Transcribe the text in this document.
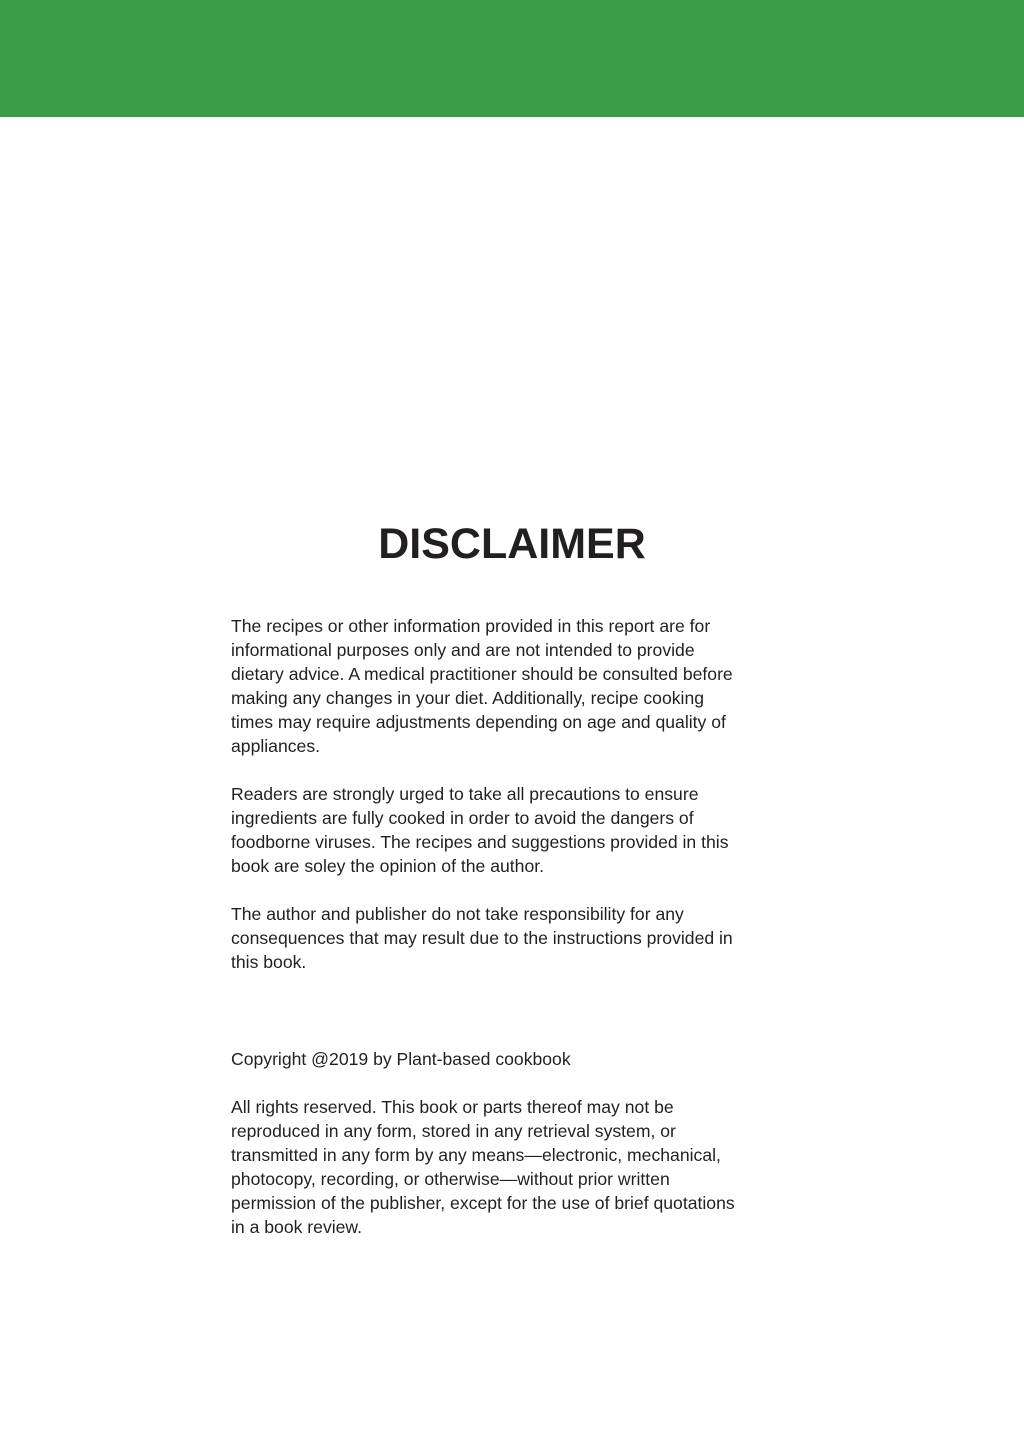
DISCLAIMER

The recipes or other information provided in this report are for
informational purposes only and are not intended to provide
dietary advice. A medical practitioner should be consulted before
making any changes in your diet. Additionally, recipe cooking
times may require adjustments depending on age and quality of
appliances.

Readers are strongly urged to take all precautions to ensure
ingredients are fully cooked in order to avoid the dangers of
foodborne viruses. The recipes and suggestions provided in this
book are soley the opinion of the author.

The author and publisher do not take responsibility for any
consequences that may result due to the instructions provided in
this book.

Copyright @2019 by Plant-based cookbook

All rights reserved. This book or parts thereof may not be
reproduced in any form, stored in any retrieval system, or
transmitted in any form by any means—electronic, mechanical,
photocopy, recording, or otherwise—without prior written
permission of the publisher, except for the use of brief quotations
in a book review.
